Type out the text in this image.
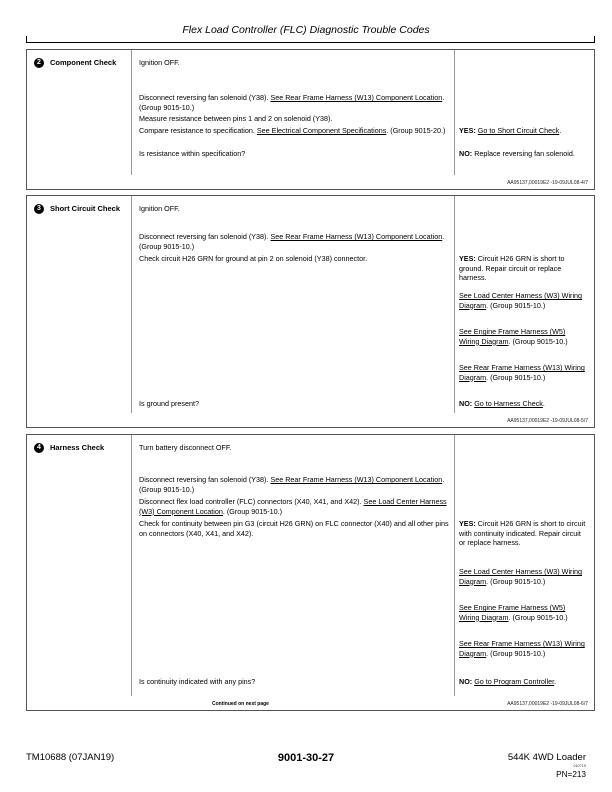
Flex Load Controller (FLC) Diagnostic Trouble Codes
2	Component Check	Ignition OFF.
Disconnect reversing fan solenoid (Y38). See Rear Frame Harness (W13) Component Location. (Group 9015-10.)
Measure resistance between pins 1 and 2 on solenoid (Y38).
Compare resistance to specification. See Electrical Component Specifications. (Group 9015-20.)
Is resistance within specification?
YES: Go to Short Circuit Check.
NO: Replace reversing fan solenoid.
AA95137,00019E2 -19-09JUL08-4/7
3	Short Circuit Check	Ignition OFF.
Disconnect reversing fan solenoid (Y38). See Rear Frame Harness (W13) Component Location. (Group 9015-10.)
Check circuit H26 GRN for ground at pin 2 on solenoid (Y38) connector.
Is ground present?
YES: Circuit H26 GRN is short to ground. Repair circuit or replace harness.
See Load Center Harness (W3) Wiring Diagram. (Group 9015-10.)
See Engine Frame Harness (W5) Wiring Diagram. (Group 9015-10.)
See Rear Frame Harness (W13) Wiring Diagram. (Group 9015-10.)
NO: Go to Harness Check.
AA95137,00019E2 -19-09JUL08-5/7
4	Harness Check	Turn battery disconnect OFF.
Disconnect reversing fan solenoid (Y38). See Rear Frame Harness (W13) Component Location. (Group 9015-10.)
Disconnect flex load controller (FLC) connectors (X40, X41, and X42). See Load Center Harness (W3) Component Location. (Group 9015-10.)
Check for continuity between pin G3 (circuit H26 GRN) on FLC connector (X40) and all other pins on connectors (X40, X41, and X42).
Is continuity indicated with any pins?
YES: Circuit H26 GRN is short to circuit with continuity indicated. Repair circuit or replace harness.
See Load Center Harness (W3) Wiring Diagram. (Group 9015-10.)
See Engine Frame Harness (W5) Wiring Diagram. (Group 9015-10.)
See Rear Frame Harness (W13) Wiring Diagram. (Group 9015-10.)
NO: Go to Program Controller.
Continued on next page	AA95137,00019E2 -19-09JUL08-6/7
TM10688 (07JAN19)	9001-30-27	544K 4WD Loader
010719
PN=213
